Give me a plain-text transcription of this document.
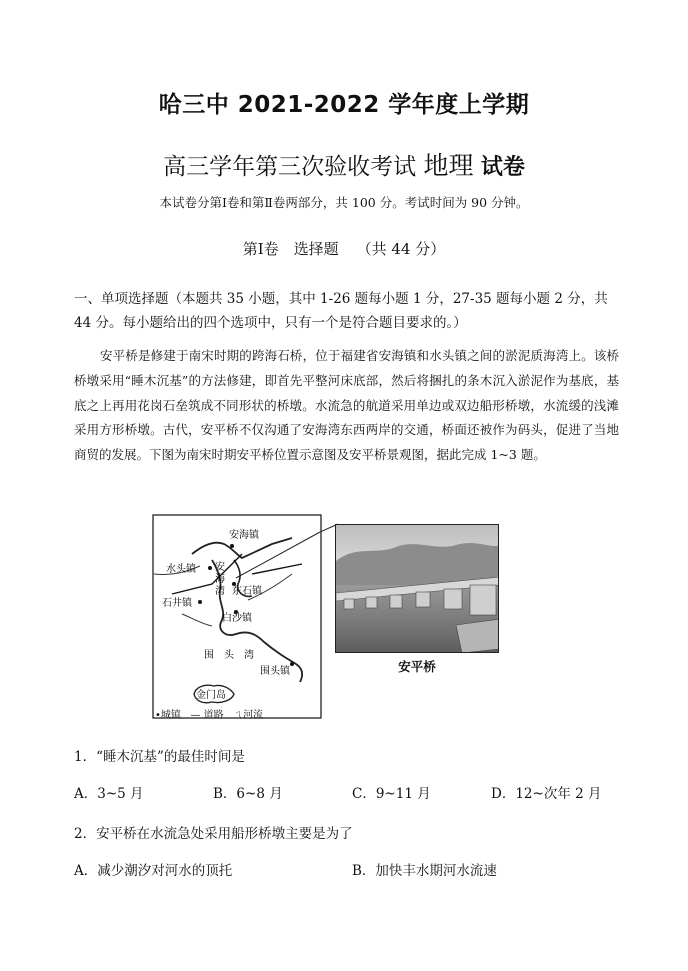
哈三中 2021-2022 学年度上学期
高三学年第三次验收考试 地理 试卷
本试卷分第Ⅰ卷和第Ⅱ卷两部分，共 100 分。考试时间为 90 分钟。
第Ⅰ卷　选择题 （共 44 分）
一、单项选择题（本题共 35 小题，其中 1-26 题每小题 1 分，27-35 题每小题 2 分，共 44 分。每小题给出的四个选项中，只有一个是符合题目要求的。）
安平桥是修建于南宋时期的跨海石桥，位于福建省安海镇和水头镇之间的淤泥质海湾上。该桥桥墩采用“睡木沉基”的方法修建，即首先平整河床底部，然后将捆扎的条木沉入淤泥作为基底，基底之上再用花岗石垒筑成不同形状的桥墩。水流急的航道采用单边或双边船形桥墩，水流缓的浅滩采用方形桥墩。古代，安平桥不仅沟通了安海湾东西两岸的交通，桥面还被作为码头，促进了当地商贸的发展。下图为南宋时期安平桥位置示意图及安平桥景观图，据此完成 1~3 题。
安海镇
水头镇 安
海
湾 东石镇
石井镇
白沙镇
围　头　湾
围头镇
金门岛
•城镇 — 道路 ㄟ河流
安平桥
1．“睡木沉基”的最佳时间是
A．3~5 月	B．6~8 月	C．9~11 月	D．12~次年 2 月
2．安平桥在水流急处采用船形桥墩主要是为了
A．减少潮汐对河水的顶托	B．加快丰水期河水流速
